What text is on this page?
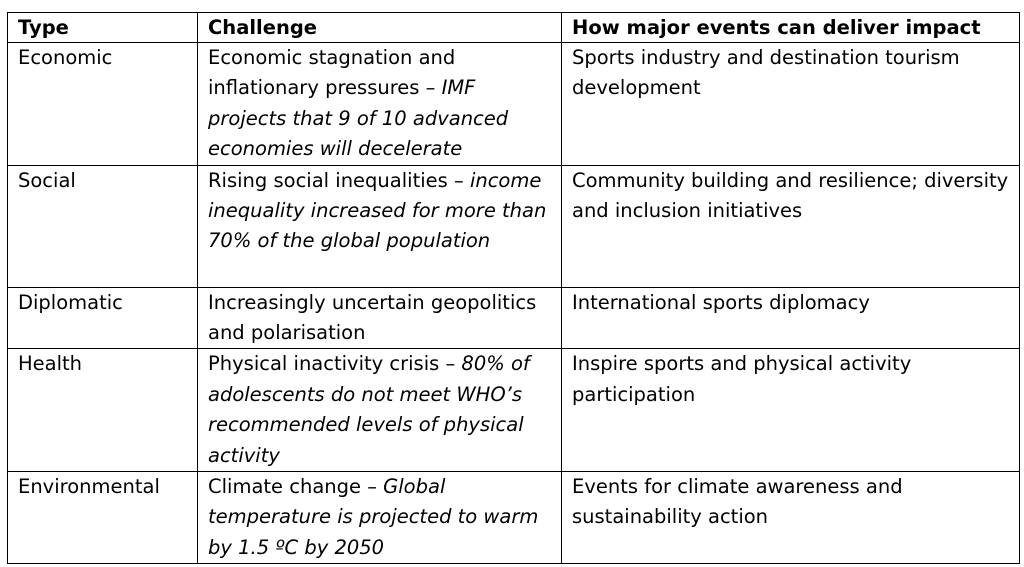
Type	Challenge	How major events can deliver impact
Economic	Economic stagnation and inflationary pressures – IMF projects that 9 of 10 advanced economies will decelerate	Sports industry and destination tourism development
Social	Rising social inequalities – income inequality increased for more than 70% of the global population	Community building and resilience; diversity and inclusion initiatives
Diplomatic	Increasingly uncertain geopolitics and polarisation	International sports diplomacy
Health	Physical inactivity crisis – 80% of adolescents do not meet WHO’s recommended levels of physical activity	Inspire sports and physical activity participation
Environmental	Climate change – Global temperature is projected to warm by 1.5 ºC by 2050	Events for climate awareness and sustainability action
